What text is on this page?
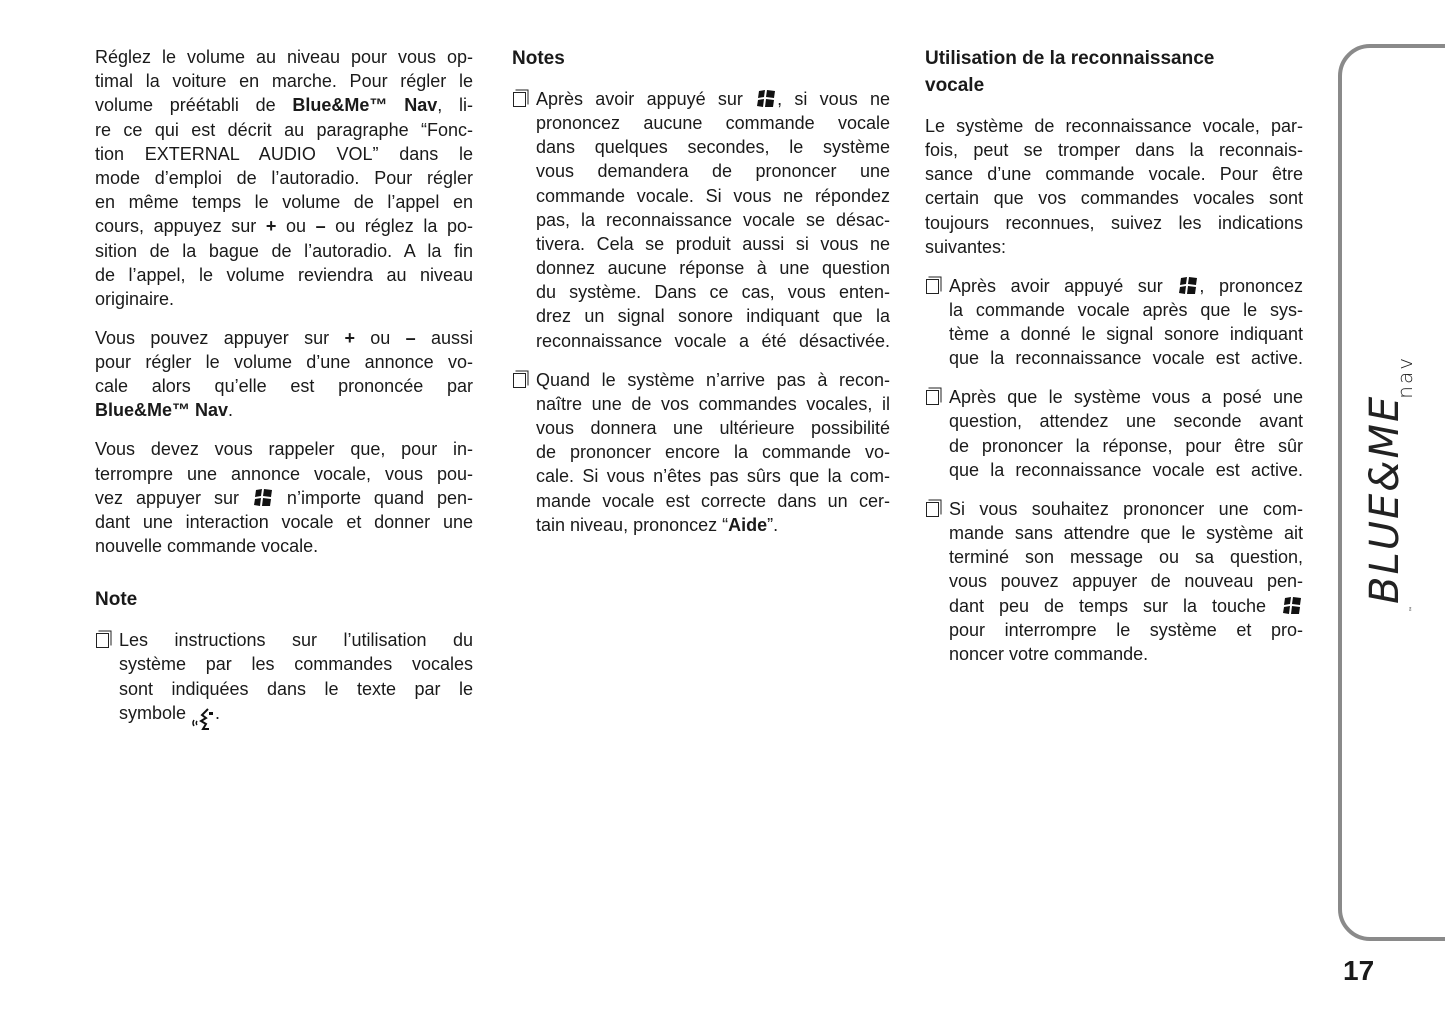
Réglez le volume au niveau pour vous op-
timal la voiture en marche. Pour régler le
volume préétabli de Blue&Me™ Nav, li-
re ce qui est décrit au paragraphe “Fonc-
tion EXTERNAL AUDIO VOL” dans le
mode d’emploi de l’autoradio. Pour régler
en même temps le volume de l’appel en
cours, appuyez sur + ou – ou réglez la po-
sition de la bague de l’autoradio. A la fin
de l’appel, le volume reviendra au niveau
originaire.
Vous pouvez appuyer sur + ou – aussi
pour régler le volume d’une annonce vo-
cale alors qu’elle est prononcée par
Blue&Me™ Nav.
Vous devez vous rappeler que, pour in-
terrompre une annonce vocale, vous pou-
vez appuyer sur  n’importe quand pen-
dant une interaction vocale et donner une
nouvelle commande vocale.
Note
Les instructions sur l’utilisation du
système par les commandes vocales
sont indiquées dans le texte par le
symbole .
Notes
Après avoir appuyé sur , si vous ne
prononcez aucune commande vocale
dans quelques secondes, le système
vous demandera de prononcer une
commande vocale. Si vous ne répondez
pas, la reconnaissance vocale se désac-
tivera. Cela se produit aussi si vous ne
donnez aucune réponse à une question
du système. Dans ce cas, vous enten-
drez un signal sonore indiquant que la
reconnaissance vocale a été désactivée.
Quand le système n’arrive pas à recon-
naître une de vos commandes vocales, il
vous donnera une ultérieure possibilité
de prononcer encore la commande vo-
cale. Si vous n’êtes pas sûrs que la com-
mande vocale est correcte dans un cer-
tain niveau, prononcez “Aide”.
Utilisation de la reconnaissance
vocale
Le système de reconnaissance vocale, par-
fois, peut se tromper dans la reconnais-
sance d’une commande vocale. Pour être
certain que vos commandes vocales sont
toujours reconnues, suivez les indications
suivantes:
Après avoir appuyé sur , prononcez
la commande vocale après que le sys-
tème a donné le signal sonore indiquant
que la reconnaissance vocale est active.
Après que le système vous a posé une
question, attendez une seconde avant
de prononcer la réponse, pour être sûr
que la reconnaissance vocale est active.
Si vous souhaitez prononcer une com-
mande sans attendre que le système ait
terminé son message ou sa question,
vous pouvez appuyer de nouveau pen-
dant peu de temps sur la touche
pour interrompre le système et pro-
noncer votre commande.
$_™BLUE\&ME_{nav}$
17
